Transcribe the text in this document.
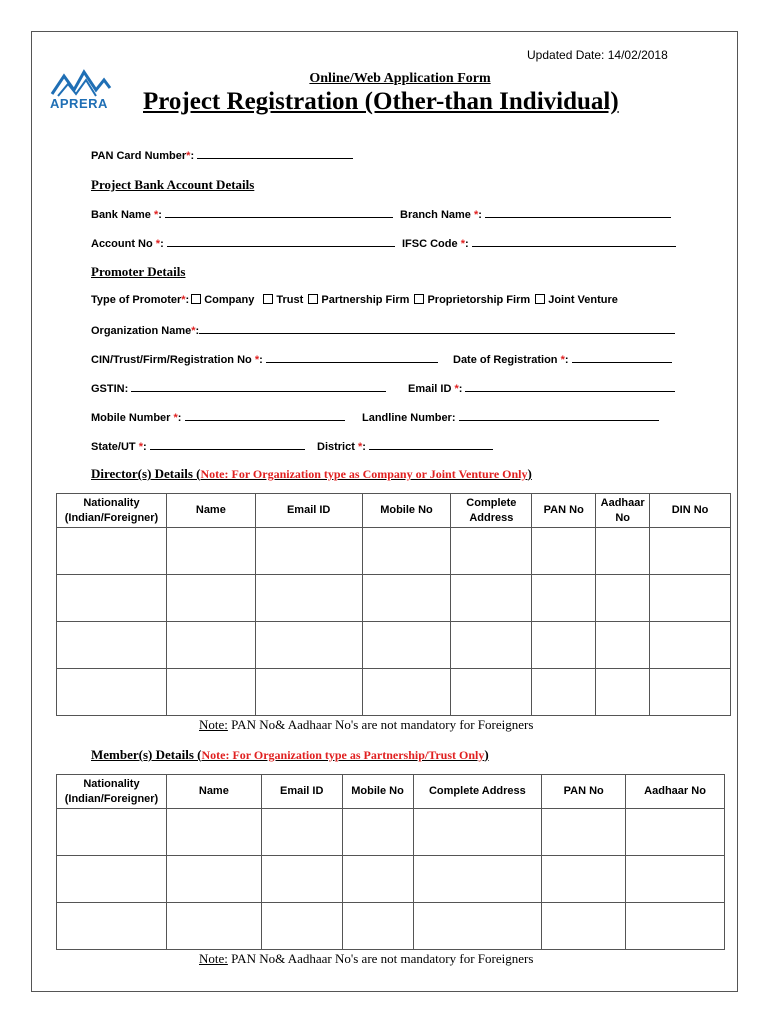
Updated Date: 14/02/2018
APRERA
Online/Web Application Form
Project Registration (Other-than Individual)
PAN Card Number*:
Project Bank Account Details
Bank Name *:	Branch Name *:
Account No *:	IFSC Code *:
Promoter Details
Type of Promoter*: Company Trust Partnership Firm Proprietorship Firm Joint Venture
Organization Name*:
CIN/Trust/Firm/Registration No *:	Date of Registration *:
GSTIN:	Email ID *:
Mobile Number *:	Landline Number:
State/UT *:	District *:
Director(s) Details (Note: For Organization type as Company or Joint Venture Only)
Nationality (Indian/Foreigner)	Name	Email ID	Mobile No	Complete Address	PAN No	Aadhaar No	DIN No

Note: PAN No& Aadhaar No's are not mandatory for Foreigners
Member(s) Details (Note: For Organization type as Partnership/Trust Only)
Nationality (Indian/Foreigner)	Name	Email ID	Mobile No	Complete Address	PAN No	Aadhaar No

Note: PAN No& Aadhaar No's are not mandatory for Foreigners
